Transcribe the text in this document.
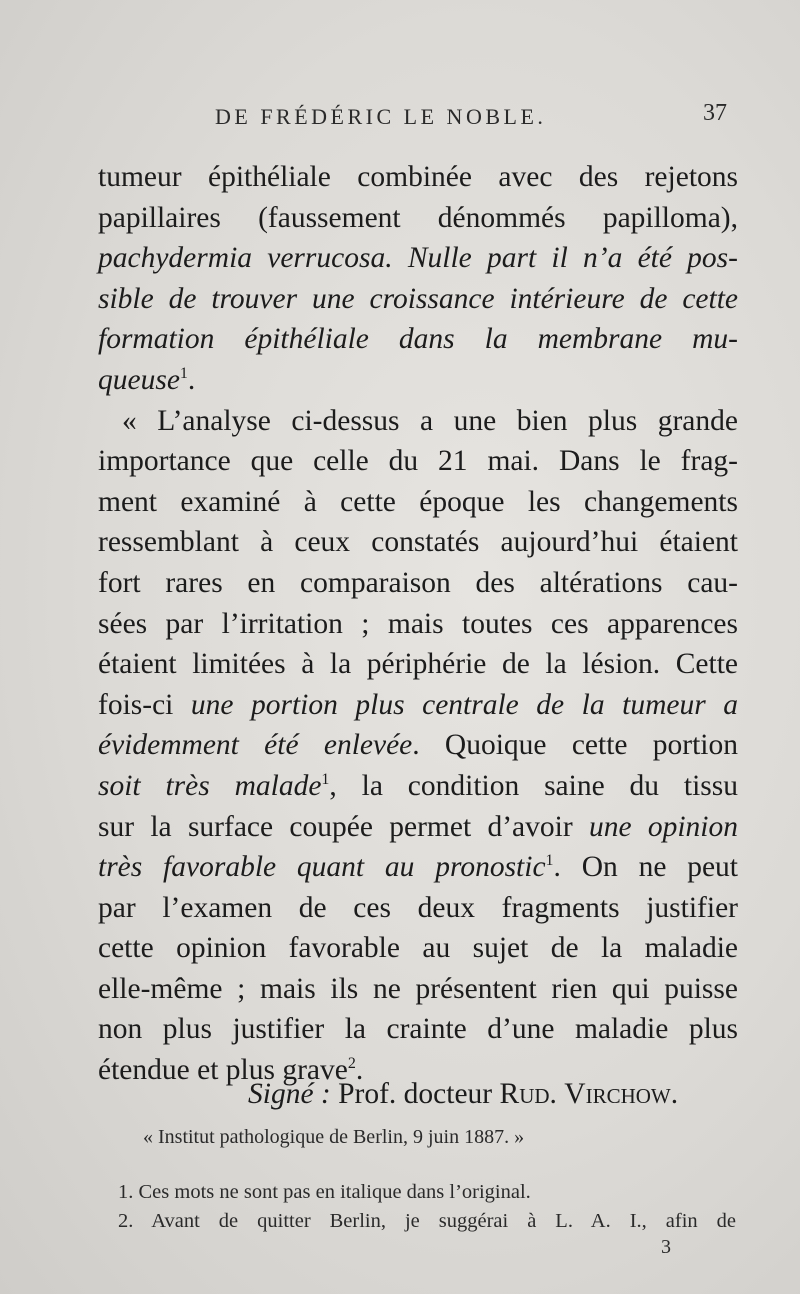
DE FRÉDÉRIC LE NOBLE.	37
tumeur épithéliale combinée avec des rejetons
papillaires (faussement dénommés papilloma),
pachydermia verrucosa. Nulle part il n’a été pos-
sible de trouver une croissance intérieure de cette
formation épithéliale dans la membrane mu-
queuse$^1$.
« L’analyse ci-dessus a une bien plus grande
importance que celle du 21 mai. Dans le frag-
ment examiné à cette époque les changements
ressemblant à ceux constatés aujourd’hui étaient
fort rares en comparaison des altérations cau-
sées par l’irritation ; mais toutes ces apparences
étaient limitées à la périphérie de la lésion. Cette
fois-ci une portion plus centrale de la tumeur a
évidemment été enlevée. Quoique cette portion
soit très malade$^1$, la condition saine du tissu
sur la surface coupée permet d’avoir une opinion
très favorable quant au pronostic$^1$. On ne peut
par l’examen de ces deux fragments justifier
cette opinion favorable au sujet de la maladie
elle-même ; mais ils ne présentent rien qui puisse
non plus justifier la crainte d’une maladie plus
étendue et plus grave$^2$.
Signé : Prof. docteur Rud. Virchow.
« Institut pathologique de Berlin, 9 juin 1887. »
1. Ces mots ne sont pas en italique dans l’original.
2. Avant de quitter Berlin, je suggérai à L. A. I., afin de
3
